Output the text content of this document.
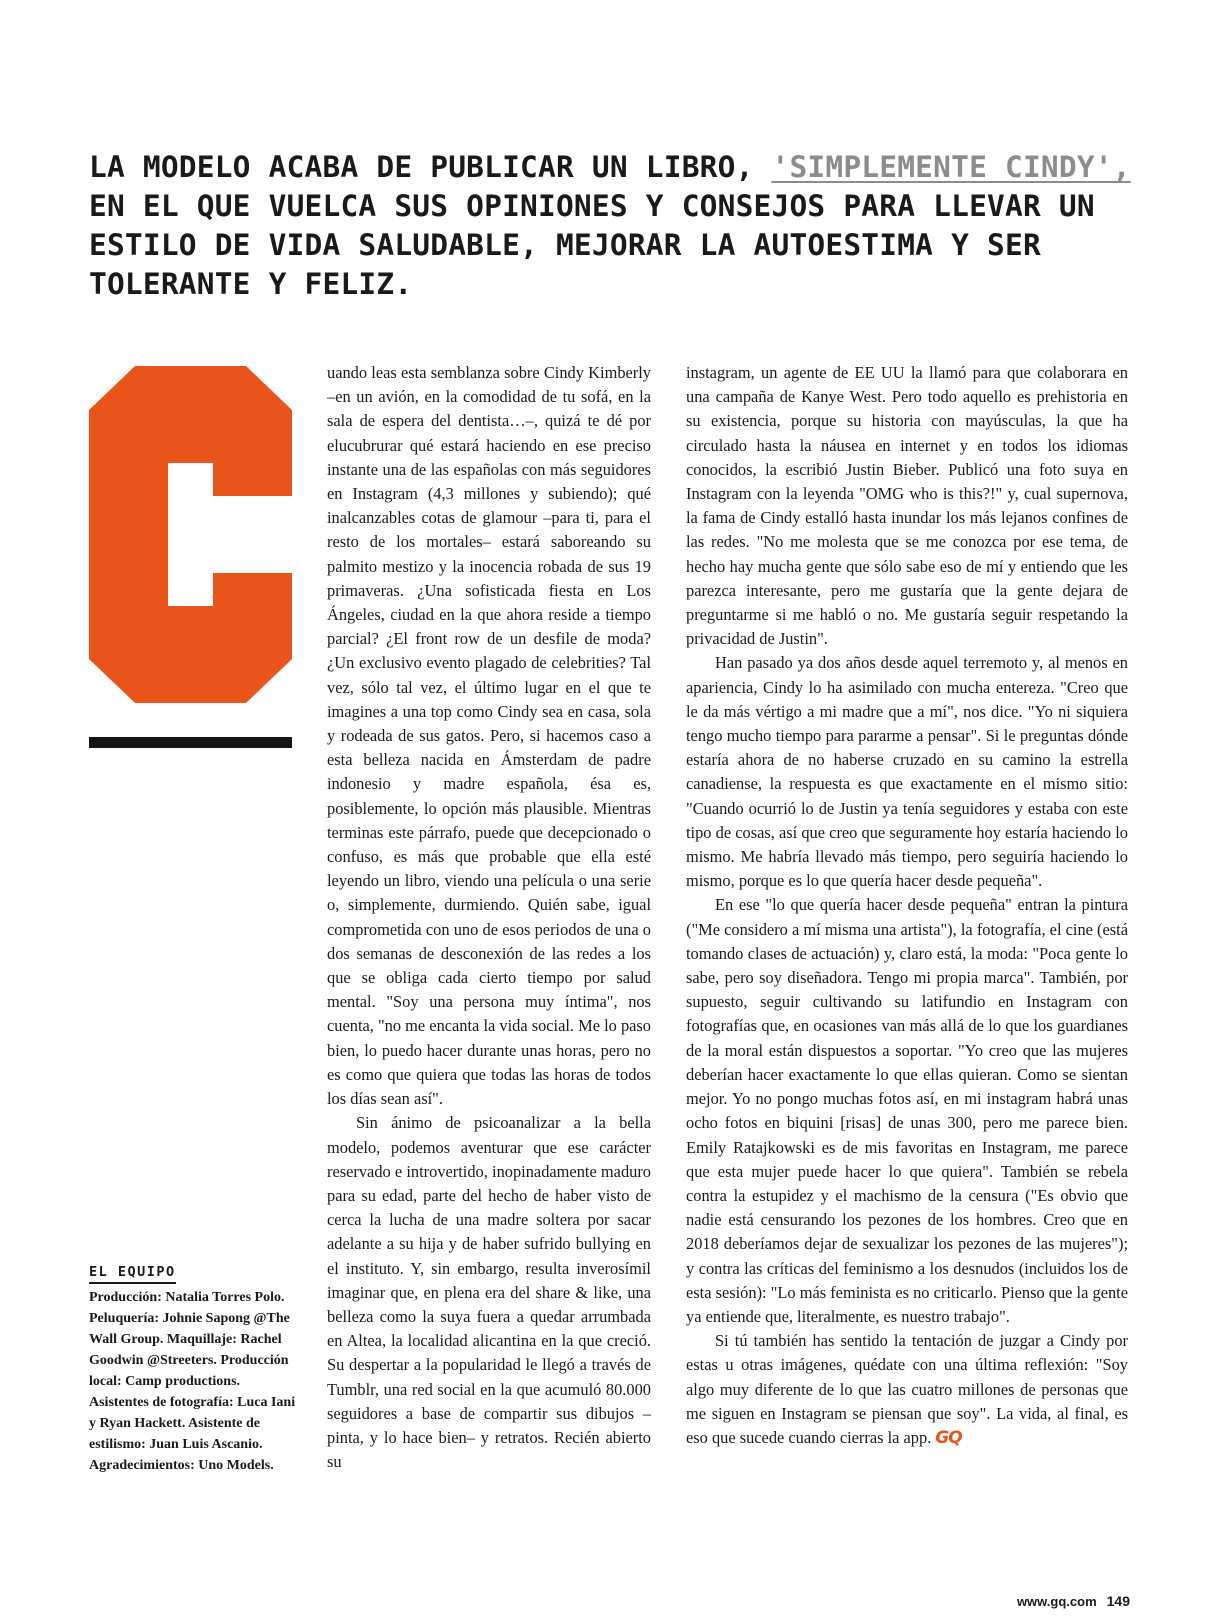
LA MODELO ACABA DE PUBLICAR UN LIBRO, 'SIMPLEMENTE CINDY', EN EL QUE VUELCA SUS OPINIONES Y CONSEJOS PARA LLEVAR UN ESTILO DE VIDA SALUDABLE, MEJORAR LA AUTOESTIMA Y SER TOLERANTE Y FELIZ.
EL EQUIPO
Producción: Natalia Torres Polo. Peluquería: Johnie Sapong @The Wall Group. Maquillaje: Rachel Goodwin @Streeters. Producción local: Camp productions. Asistentes de fotografía: Luca Iani y Ryan Hackett. Asistente de estilismo: Juan Luis Ascanio. Agradecimientos: Uno Models.

uando leas esta semblanza sobre Cindy Kimberly –en un avión, en la comodidad de tu sofá, en la sala de espera del dentista…–, quizá te dé por elucubrurar qué estará haciendo en ese preciso instante una de las españolas con más seguidores en Instagram (4,3 millones y subiendo); qué inalcanzables cotas de glamour –para ti, para el resto de los mortales– estará saboreando su palmito mestizo y la inocencia robada de sus 19 primaveras. ¿Una sofisticada fiesta en Los Ángeles, ciudad en la que ahora reside a tiempo parcial? ¿El front row de un desfile de moda? ¿Un exclusivo evento plagado de celebrities? Tal vez, sólo tal vez, el último lugar en el que te imagines a una top como Cindy sea en casa, sola y rodeada de sus gatos. Pero, si hacemos caso a esta belleza nacida en Ámsterdam de padre indonesio y madre española, ésa es, posiblemente, lo opción más plausible. Mientras terminas este párrafo, puede que decepcionado o confuso, es más que probable que ella esté leyendo un libro, viendo una película o una serie o, simplemente, durmiendo. Quién sabe, igual comprometida con uno de esos periodos de una o dos semanas de desconexión de las redes a los que se obliga cada cierto tiempo por salud mental. "Soy una persona muy íntima", nos cuenta, "no me encanta la vida social. Me lo paso bien, lo puedo hacer durante unas horas, pero no es como que quiera que todas las horas de todos los días sean así".

Sin ánimo de psicoanalizar a la bella modelo, podemos aventurar que ese carácter reservado e introvertido, inopinadamente maduro para su edad, parte del hecho de haber visto de cerca la lucha de una madre soltera por sacar adelante a su hija y de haber sufrido bullying en el instituto. Y, sin embargo, resulta inverosímil imaginar que, en plena era del share & like, una belleza como la suya fuera a quedar arrumbada en Altea, la localidad alicantina en la que creció. Su despertar a la popularidad le llegó a través de Tumblr, una red social en la que acumuló 80.000 seguidores a base de compartir sus dibujos –pinta, y lo hace bien– y retratos. Recién abierto su

instagram, un agente de EE UU la llamó para que colaborara en una campaña de Kanye West. Pero todo aquello es prehistoria en su existencia, porque su historia con mayúsculas, la que ha circulado hasta la náusea en internet y en todos los idiomas conocidos, la escribió Justin Bieber. Publicó una foto suya en Instagram con la leyenda "OMG who is this?!" y, cual supernova, la fama de Cindy estalló hasta inundar los más lejanos confines de las redes. "No me molesta que se me conozca por ese tema, de hecho hay mucha gente que sólo sabe eso de mí y entiendo que les parezca interesante, pero me gustaría que la gente dejara de preguntarme si me habló o no. Me gustaría seguir respetando la privacidad de Justin".

Han pasado ya dos años desde aquel terremoto y, al menos en apariencia, Cindy lo ha asimilado con mucha entereza. "Creo que le da más vértigo a mi madre que a mí", nos dice. "Yo ni siquiera tengo mucho tiempo para pararme a pensar". Si le preguntas dónde estaría ahora de no haberse cruzado en su camino la estrella canadiense, la respuesta es que exactamente en el mismo sitio: "Cuando ocurrió lo de Justin ya tenía seguidores y estaba con este tipo de cosas, así que creo que seguramente hoy estaría haciendo lo mismo. Me habría llevado más tiempo, pero seguiría haciendo lo mismo, porque es lo que quería hacer desde pequeña".

En ese "lo que quería hacer desde pequeña" entran la pintura ("Me considero a mí misma una artista"), la fotografía, el cine (está tomando clases de actuación) y, claro está, la moda: "Poca gente lo sabe, pero soy diseñadora. Tengo mi propia marca". También, por supuesto, seguir cultivando su latifundio en Instagram con fotografías que, en ocasiones van más allá de lo que los guardianes de la moral están dispuestos a soportar. "Yo creo que las mujeres deberían hacer exactamente lo que ellas quieran. Como se sientan mejor. Yo no pongo muchas fotos así, en mi instagram habrá unas ocho fotos en biquini [risas] de unas 300, pero me parece bien. Emily Ratajkowski es de mis favoritas en Instagram, me parece que esta mujer puede hacer lo que quiera". También se rebela contra la estupidez y el machismo de la censura ("Es obvio que nadie está censurando los pezones de los hombres. Creo que en 2018 deberíamos dejar de sexualizar los pezones de las mujeres"); y contra las críticas del feminismo a los desnudos (incluidos los de esta sesión): "Lo más feminista es no criticarlo. Pienso que la gente ya entiende que, literalmente, es nuestro trabajo".

Si tú también has sentido la tentación de juzgar a Cindy por estas u otras imágenes, quédate con una última reflexión: "Soy algo muy diferente de lo que las cuatro millones de personas que me siguen en Instagram se piensan que soy". La vida, al final, es eso que sucede cuando cierras la app. GQ

www.gq.com 149
